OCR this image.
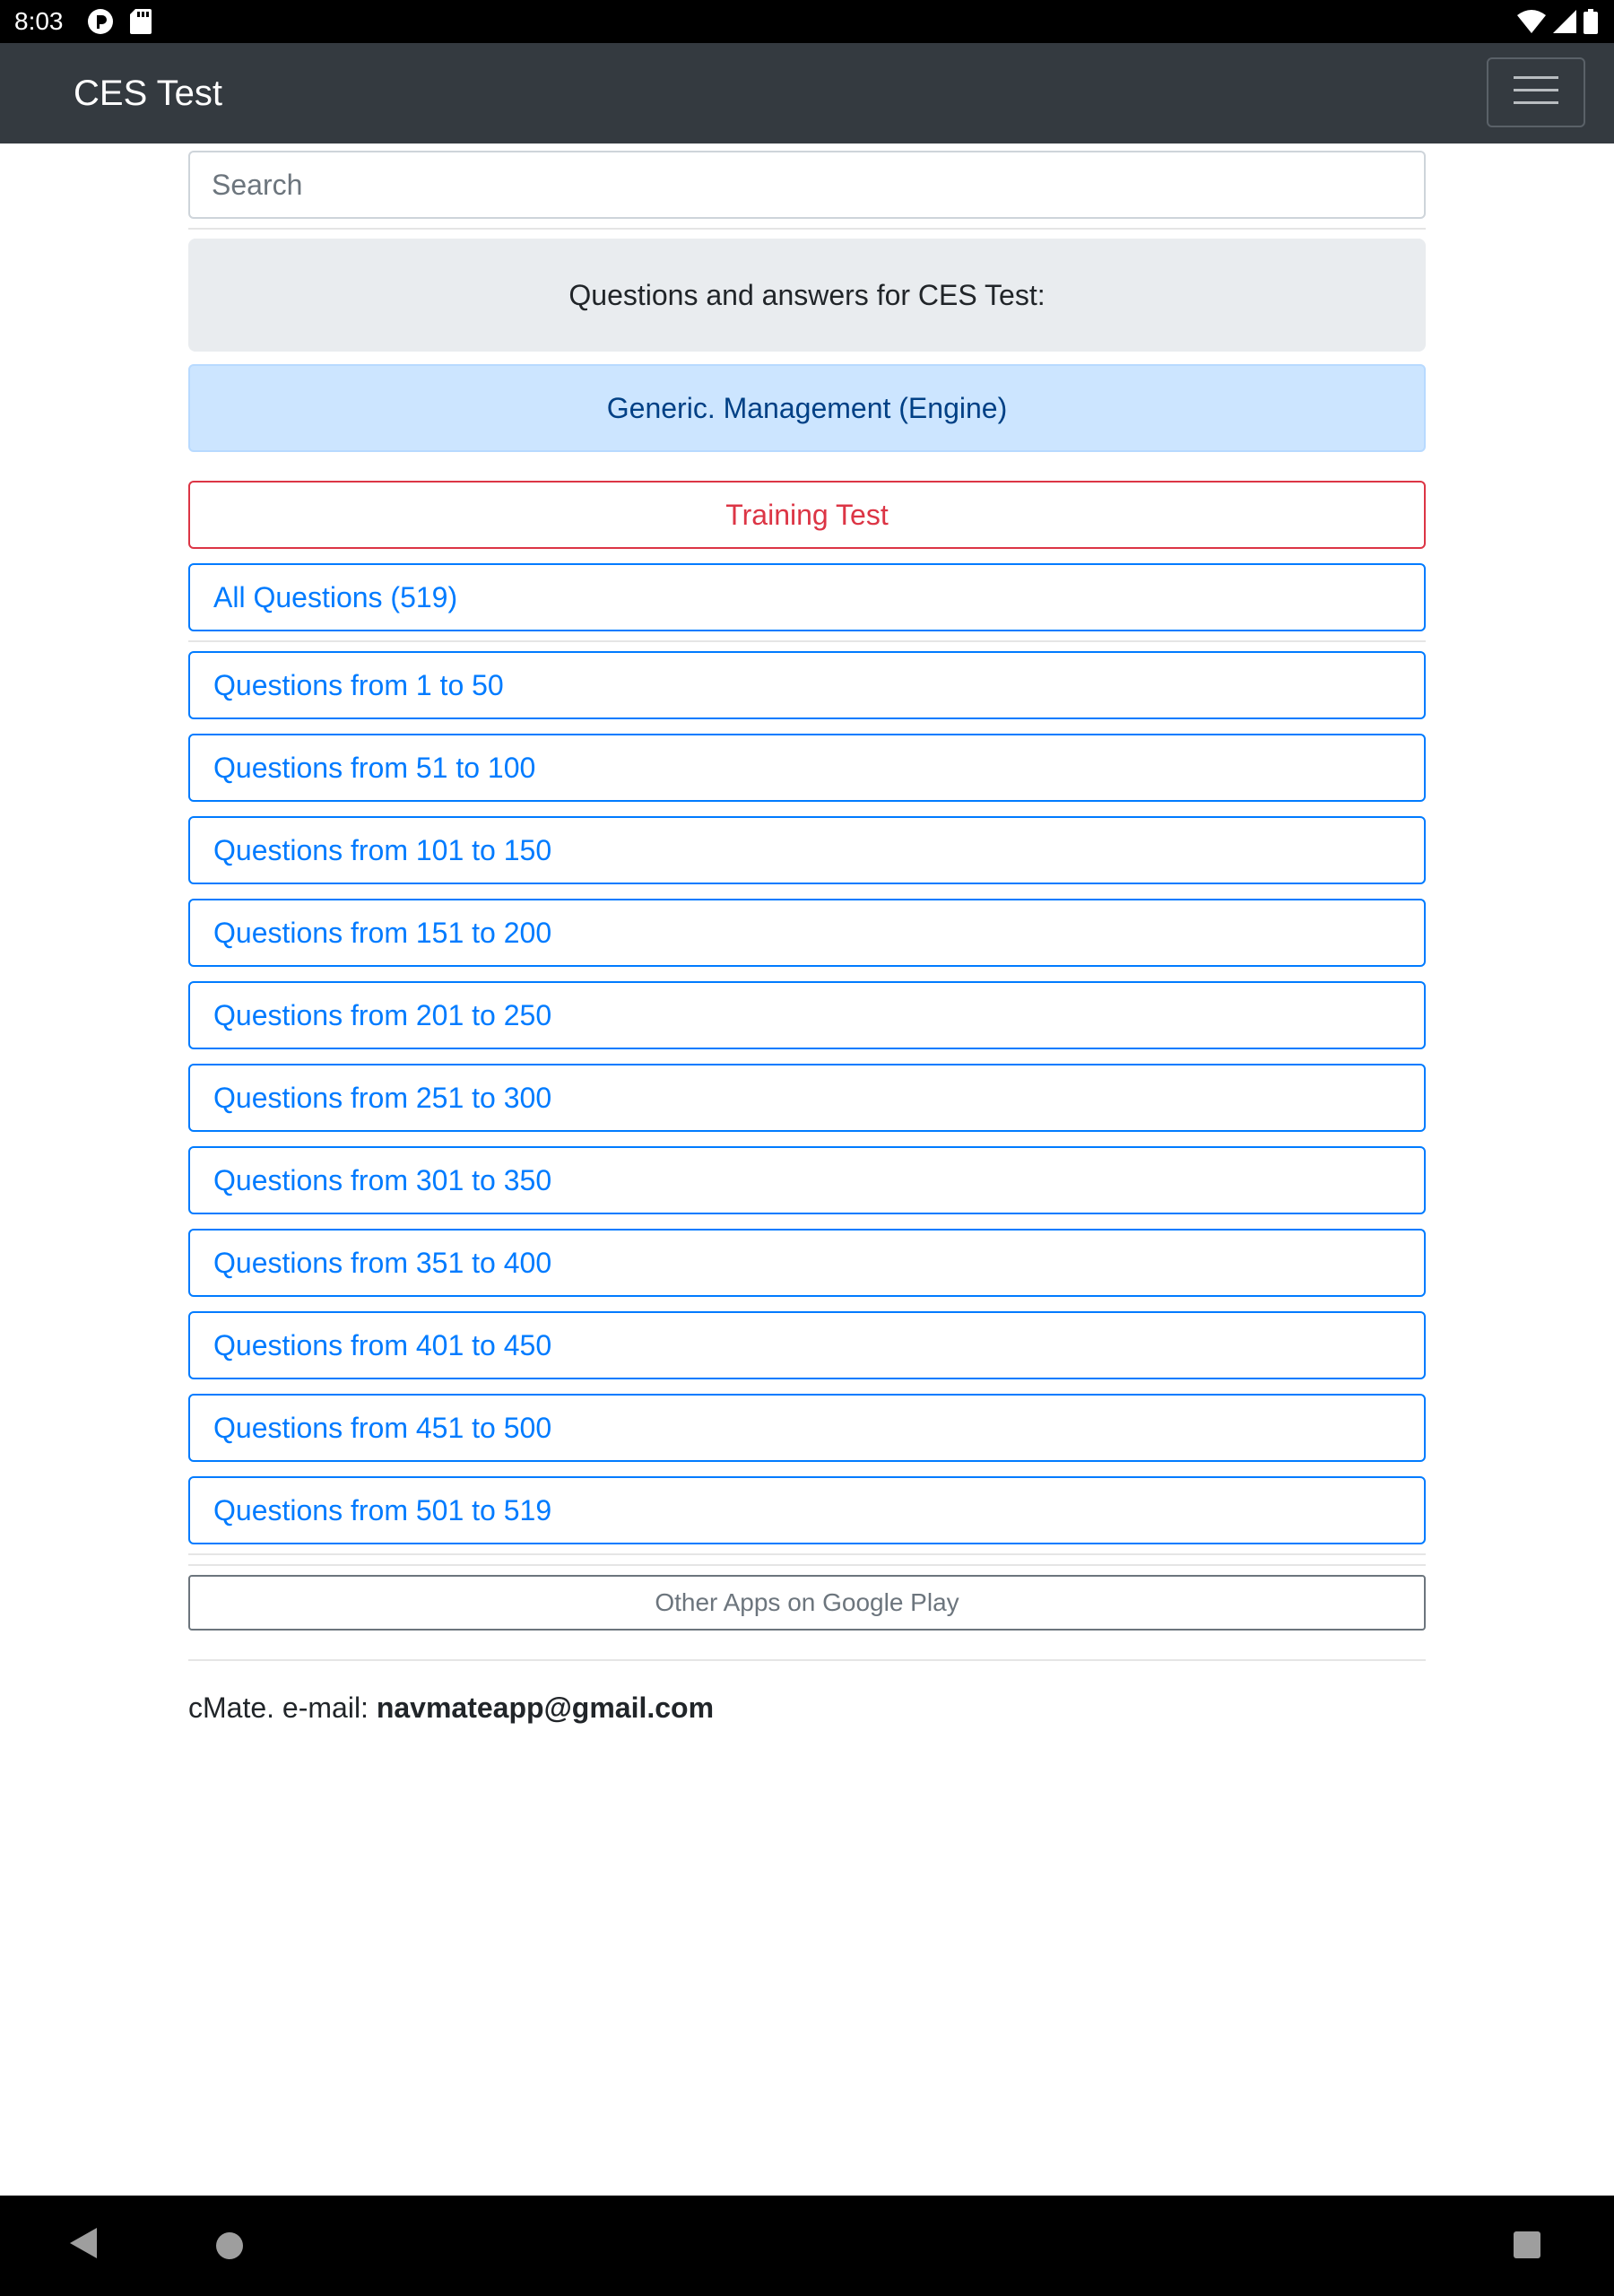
8:03
CES Test
Search
Questions and answers for CES Test:
Generic. Management (Engine)
Training Test
All Questions (519)
Questions from 1 to 50
Questions from 51 to 100
Questions from 101 to 150
Questions from 151 to 200
Questions from 201 to 250
Questions from 251 to 300
Questions from 301 to 350
Questions from 351 to 400
Questions from 401 to 450
Questions from 451 to 500
Questions from 501 to 519
Other Apps on Google Play
cMate. e-mail: navmateapp@gmail.com
